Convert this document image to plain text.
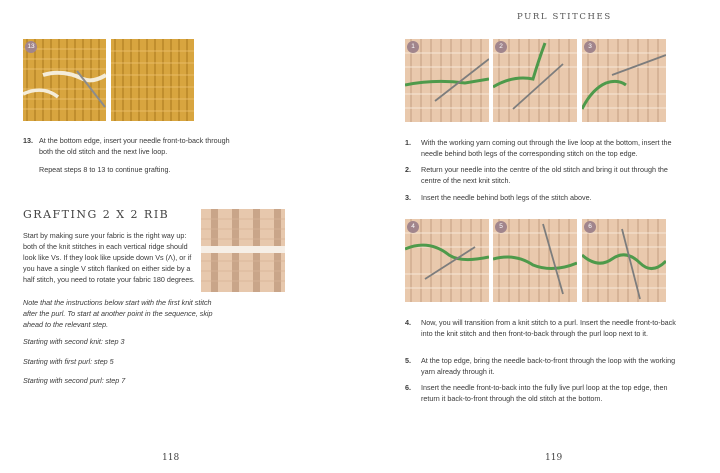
13
13. At the bottom edge, insert your needle front-to-back through both the old stitch and the next live loop.
Repeat steps 8 to 13 to continue grafting.
GRAFTING 2 X 2 RIB
Start by making sure your fabric is the right way up: both of the knit stitches in each vertical ridge should look like Vs. If they look like upside down Vs (Λ), or if you have a single V stitch flanked on either side by a half stitch, you need to rotate your fabric 180 degrees.
Note that the instructions below start with the first knit stitch after the purl. To start at another point in the sequence, skip ahead to the relevant step.
Starting with second knit: step 3
Starting with first purl: step 5
Starting with second purl: step 7
118
PURL STITCHES
1	2	3
1. With the working yarn coming out through the live loop at the bottom, insert the needle behind both legs of the corresponding stitch on the top edge.
2. Return your needle into the centre of the old stitch and bring it out through the centre of the next knit stitch.
3. Insert the needle behind both legs of the stitch above.
4	5	6
4. Now, you will transition from a knit stitch to a purl. Insert the needle front-to-back into the knit stitch and then front-to-back through the purl loop next to it.
5. At the top edge, bring the needle back-to-front through the loop with the working yarn already through it.
6. Insert the needle front-to-back into the fully live purl loop at the top edge, then return it back-to-front through the old stitch at the bottom.
119
